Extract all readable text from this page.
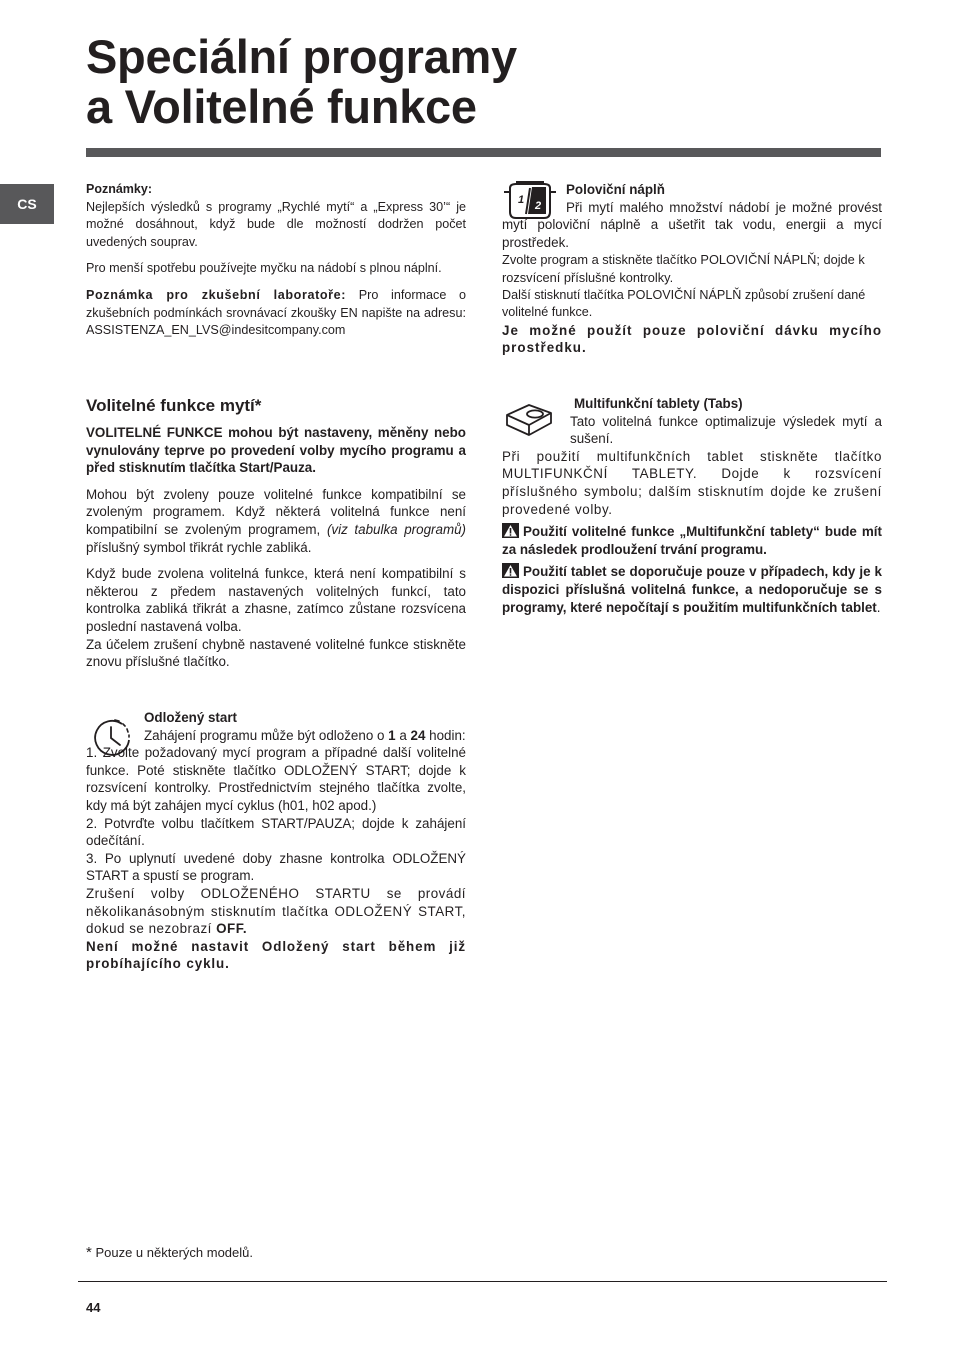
Speciální programy
a Volitelné funkce
CS

Poznámky:

Nejlepších výsledků s programy „Rychlé mytí“ a „Express 30’“ je možné dosáhnout, když bude dle možností dodržen počet uvedených souprav.

Pro menší spotřebu používejte myčku na nádobí s plnou náplní.

Poznámka pro zkušební laboratoře: Pro informace o zkušebních podmínkách srovnávací zkoušky EN napište na adresu: ASSISTENZA_EN_LVS@indesitcompany.com

Volitelné funkce mytí*

VOLITELNÉ FUNKCE mohou být nastaveny, měněny nebo vynulovány teprve po provedení volby mycího programu a před stisknutím tlačítka Start/Pauza.

Mohou být zvoleny pouze volitelné funkce kompatibilní se zvoleným programem. Když některá volitelná funkce není kompatibilní se zvoleným programem, (viz tabulka programů) příslušný symbol třikrát rychle zabliká.

Když bude zvolena volitelná funkce, která není kompatibilní s některou z předem nastavených volitelných funkcí, tato kontrolka zabliká třikrát a zhasne, zatímco zůstane rozsvícena poslední nastavená volba.

Za účelem zrušení chybně nastavené volitelné funkce stiskněte znovu příslušné tlačítko.

Odložený start

Zahájení programu může být odloženo o 1 a 24 hodin:

1. Zvolte požadovaný mycí program a případné další volitelné funkce. Poté stiskněte tlačítko ODLOŽENÝ START; dojde k rozsvícení kontrolky. Prostřednictvím stejného tlačítka zvolte, kdy má být zahájen mycí cyklus (h01, h02 apod.)

2. Potvrďte volbu tlačítkem START/PAUZA; dojde k zahájení odečítání.

3. Po uplynutí uvedené doby zhasne kontrolka ODLOŽENÝ START a spustí se program.

Zrušení volby ODLOŽENÉHO STARTU se provádí několikanásobným stisknutím tlačítka ODLOŽENÝ START, dokud se nezobrazí OFF.

Není možné nastavit Odložený start během již probíhajícího cyklu.

1 2

Poloviční náplň

Při mytí malého množství nádobí je možné provést mytí poloviční náplně a ušetřit tak vodu, energii a mycí prostředek.

Zvolte program a stiskněte tlačítko POLOVIČNÍ NÁPLŇ; dojde k rozsvícení příslušné kontrolky.

Další stisknutí tlačítka POLOVIČNÍ NÁPLŇ způsobí zrušení dané volitelné funkce.

Je možné použít pouze poloviční dávku mycího prostředku.

Multifunkční tablety (Tabs)

Tato volitelná funkce optimalizuje výsledek mytí a sušení.

Při použití multifunkčních tablet stiskněte tlačítko MULTIFUNKČNÍ TABLETY. Dojde k rozsvícení příslušného symbolu; dalším stisknutím dojde ke zrušení provedené volby.

Použití volitelné funkce „Multifunkční tablety“ bude mít za následek prodloužení trvání programu.

Použití tablet se doporučuje pouze v případech, kdy je k dispozici příslušná volitelná funkce, a nedoporučuje se s programy, které nepočítají s použitím multifunkčních tablet.

* Pouze u některých modelů.
44
